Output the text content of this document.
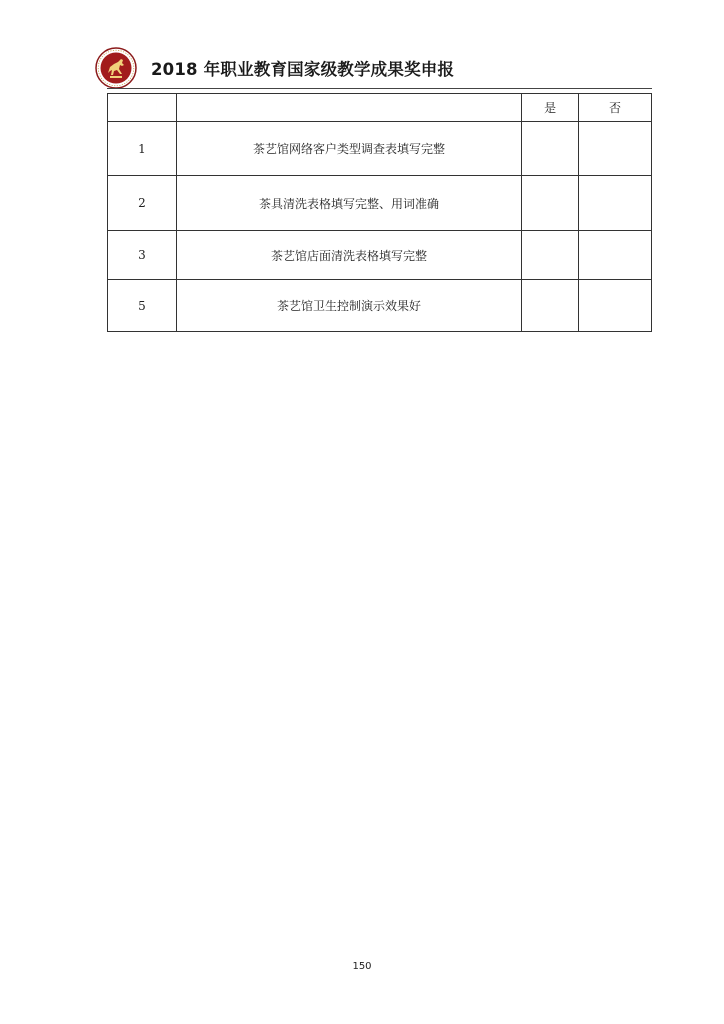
2018 年职业教育国家级教学成果奖申报
		是	否
1	茶艺馆网络客户类型调查表填写完整		
2	茶具清洗表格填写完整、用词准确		
3	茶艺馆店面清洗表格填写完整		
5	茶艺馆卫生控制演示效果好		
150
